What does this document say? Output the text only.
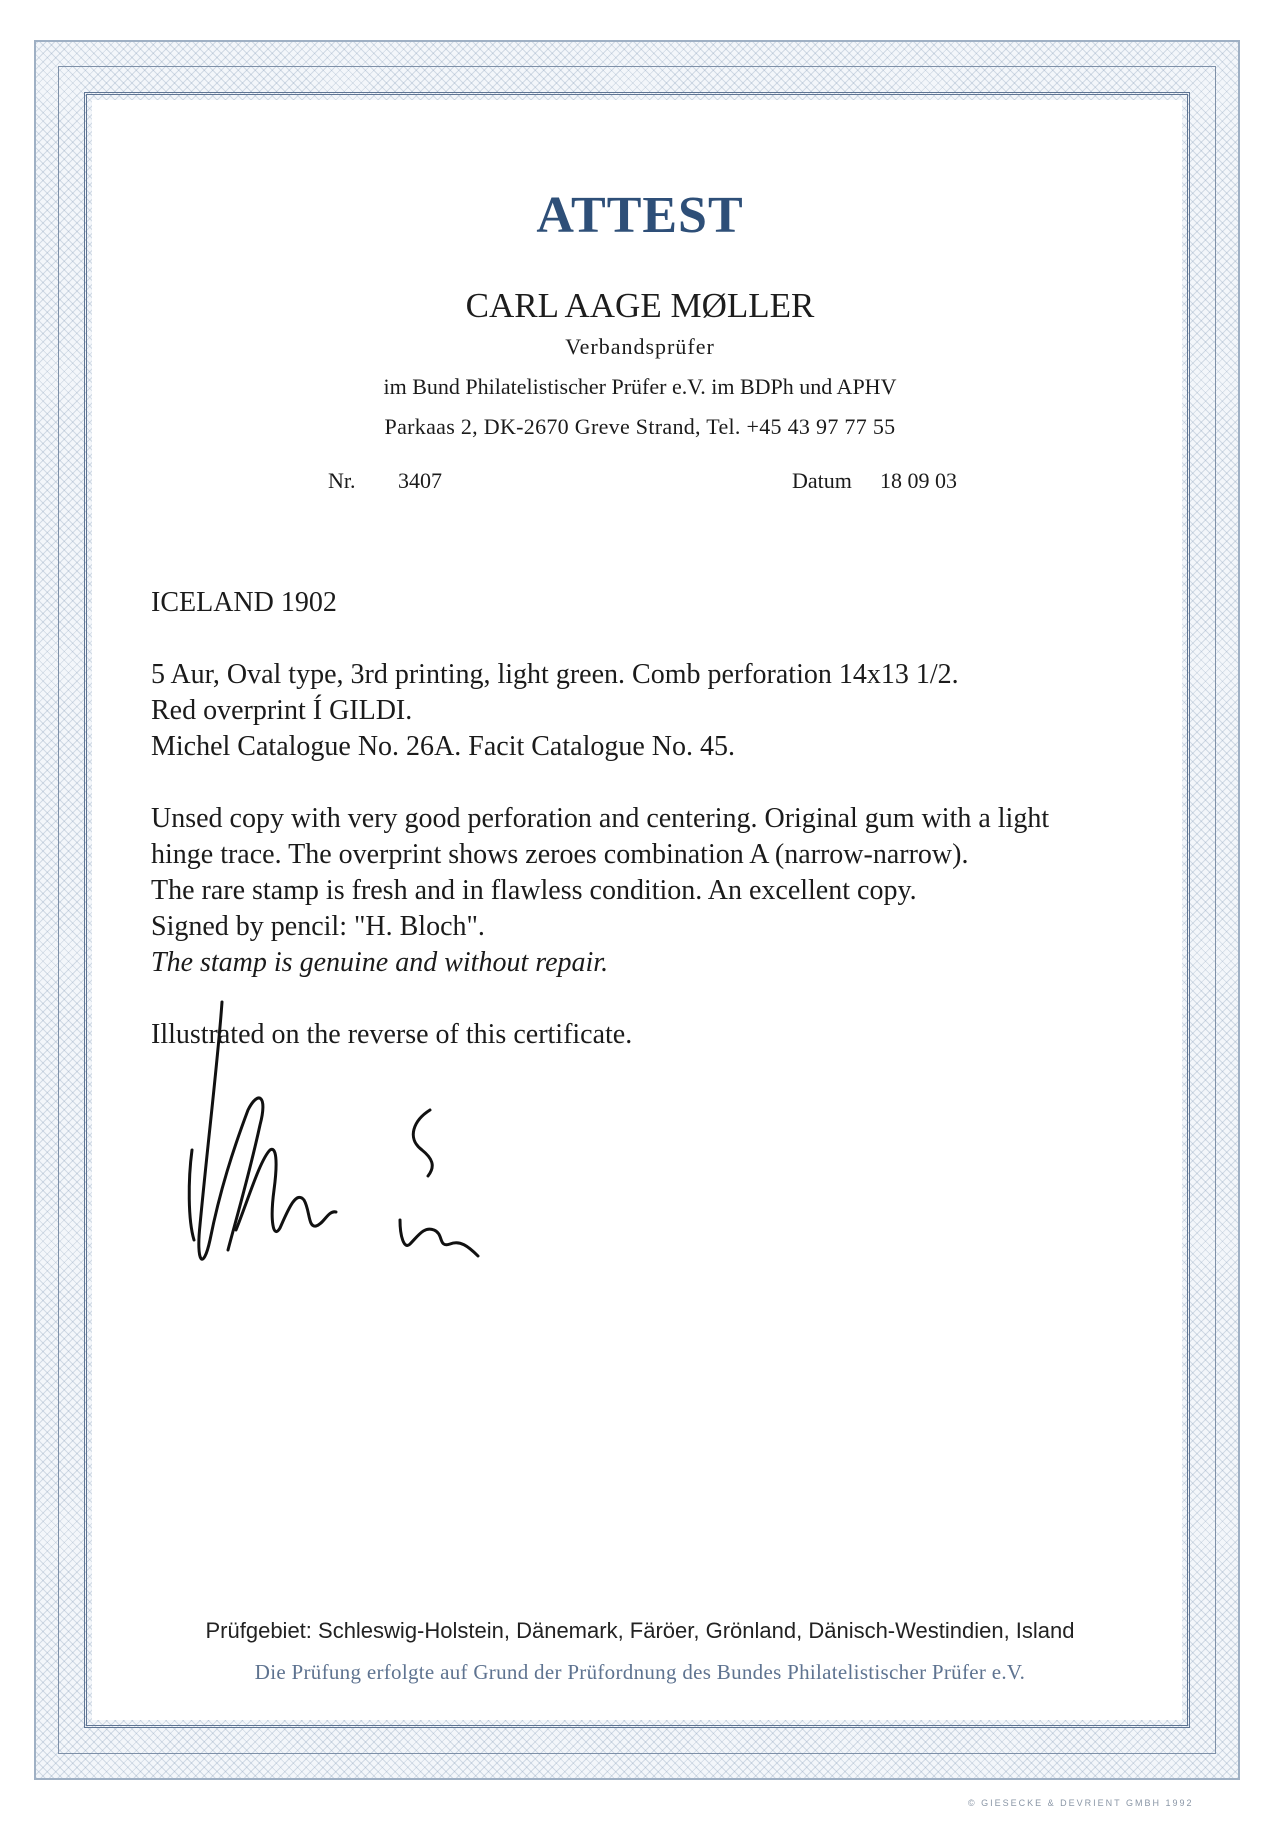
ATTEST
CARL AAGE MØLLER
Verbandsprüfer
im Bund Philatelistischer Prüfer e.V. im BDPh und APHV
Parkaas 2, DK-2670 Greve Strand, Tel. +45 43 97 77 55
Nr. 3407	Datum 18 09 03
ICELAND 1902
5 Aur, Oval type, 3rd printing, light green. Comb perforation 14x13 1/2.
Red overprint Í GILDI.
Michel Catalogue No. 26A. Facit Catalogue No. 45.
Unsed copy with very good perforation and centering. Original gum with a light
hinge trace. The overprint shows zeroes combination A (narrow-narrow).
The rare stamp is fresh and in flawless condition. An excellent copy.
Signed by pencil: "H. Bloch".
The stamp is genuine and without repair.
Illustrated on the reverse of this certificate.
Prüfgebiet: Schleswig-Holstein, Dänemark, Färöer, Grönland, Dänisch-Westindien, Island
Die Prüfung erfolgte auf Grund der Prüfordnung des Bundes Philatelistischer Prüfer e.V.
© GIESECKE & DEVRIENT GMBH 1992
